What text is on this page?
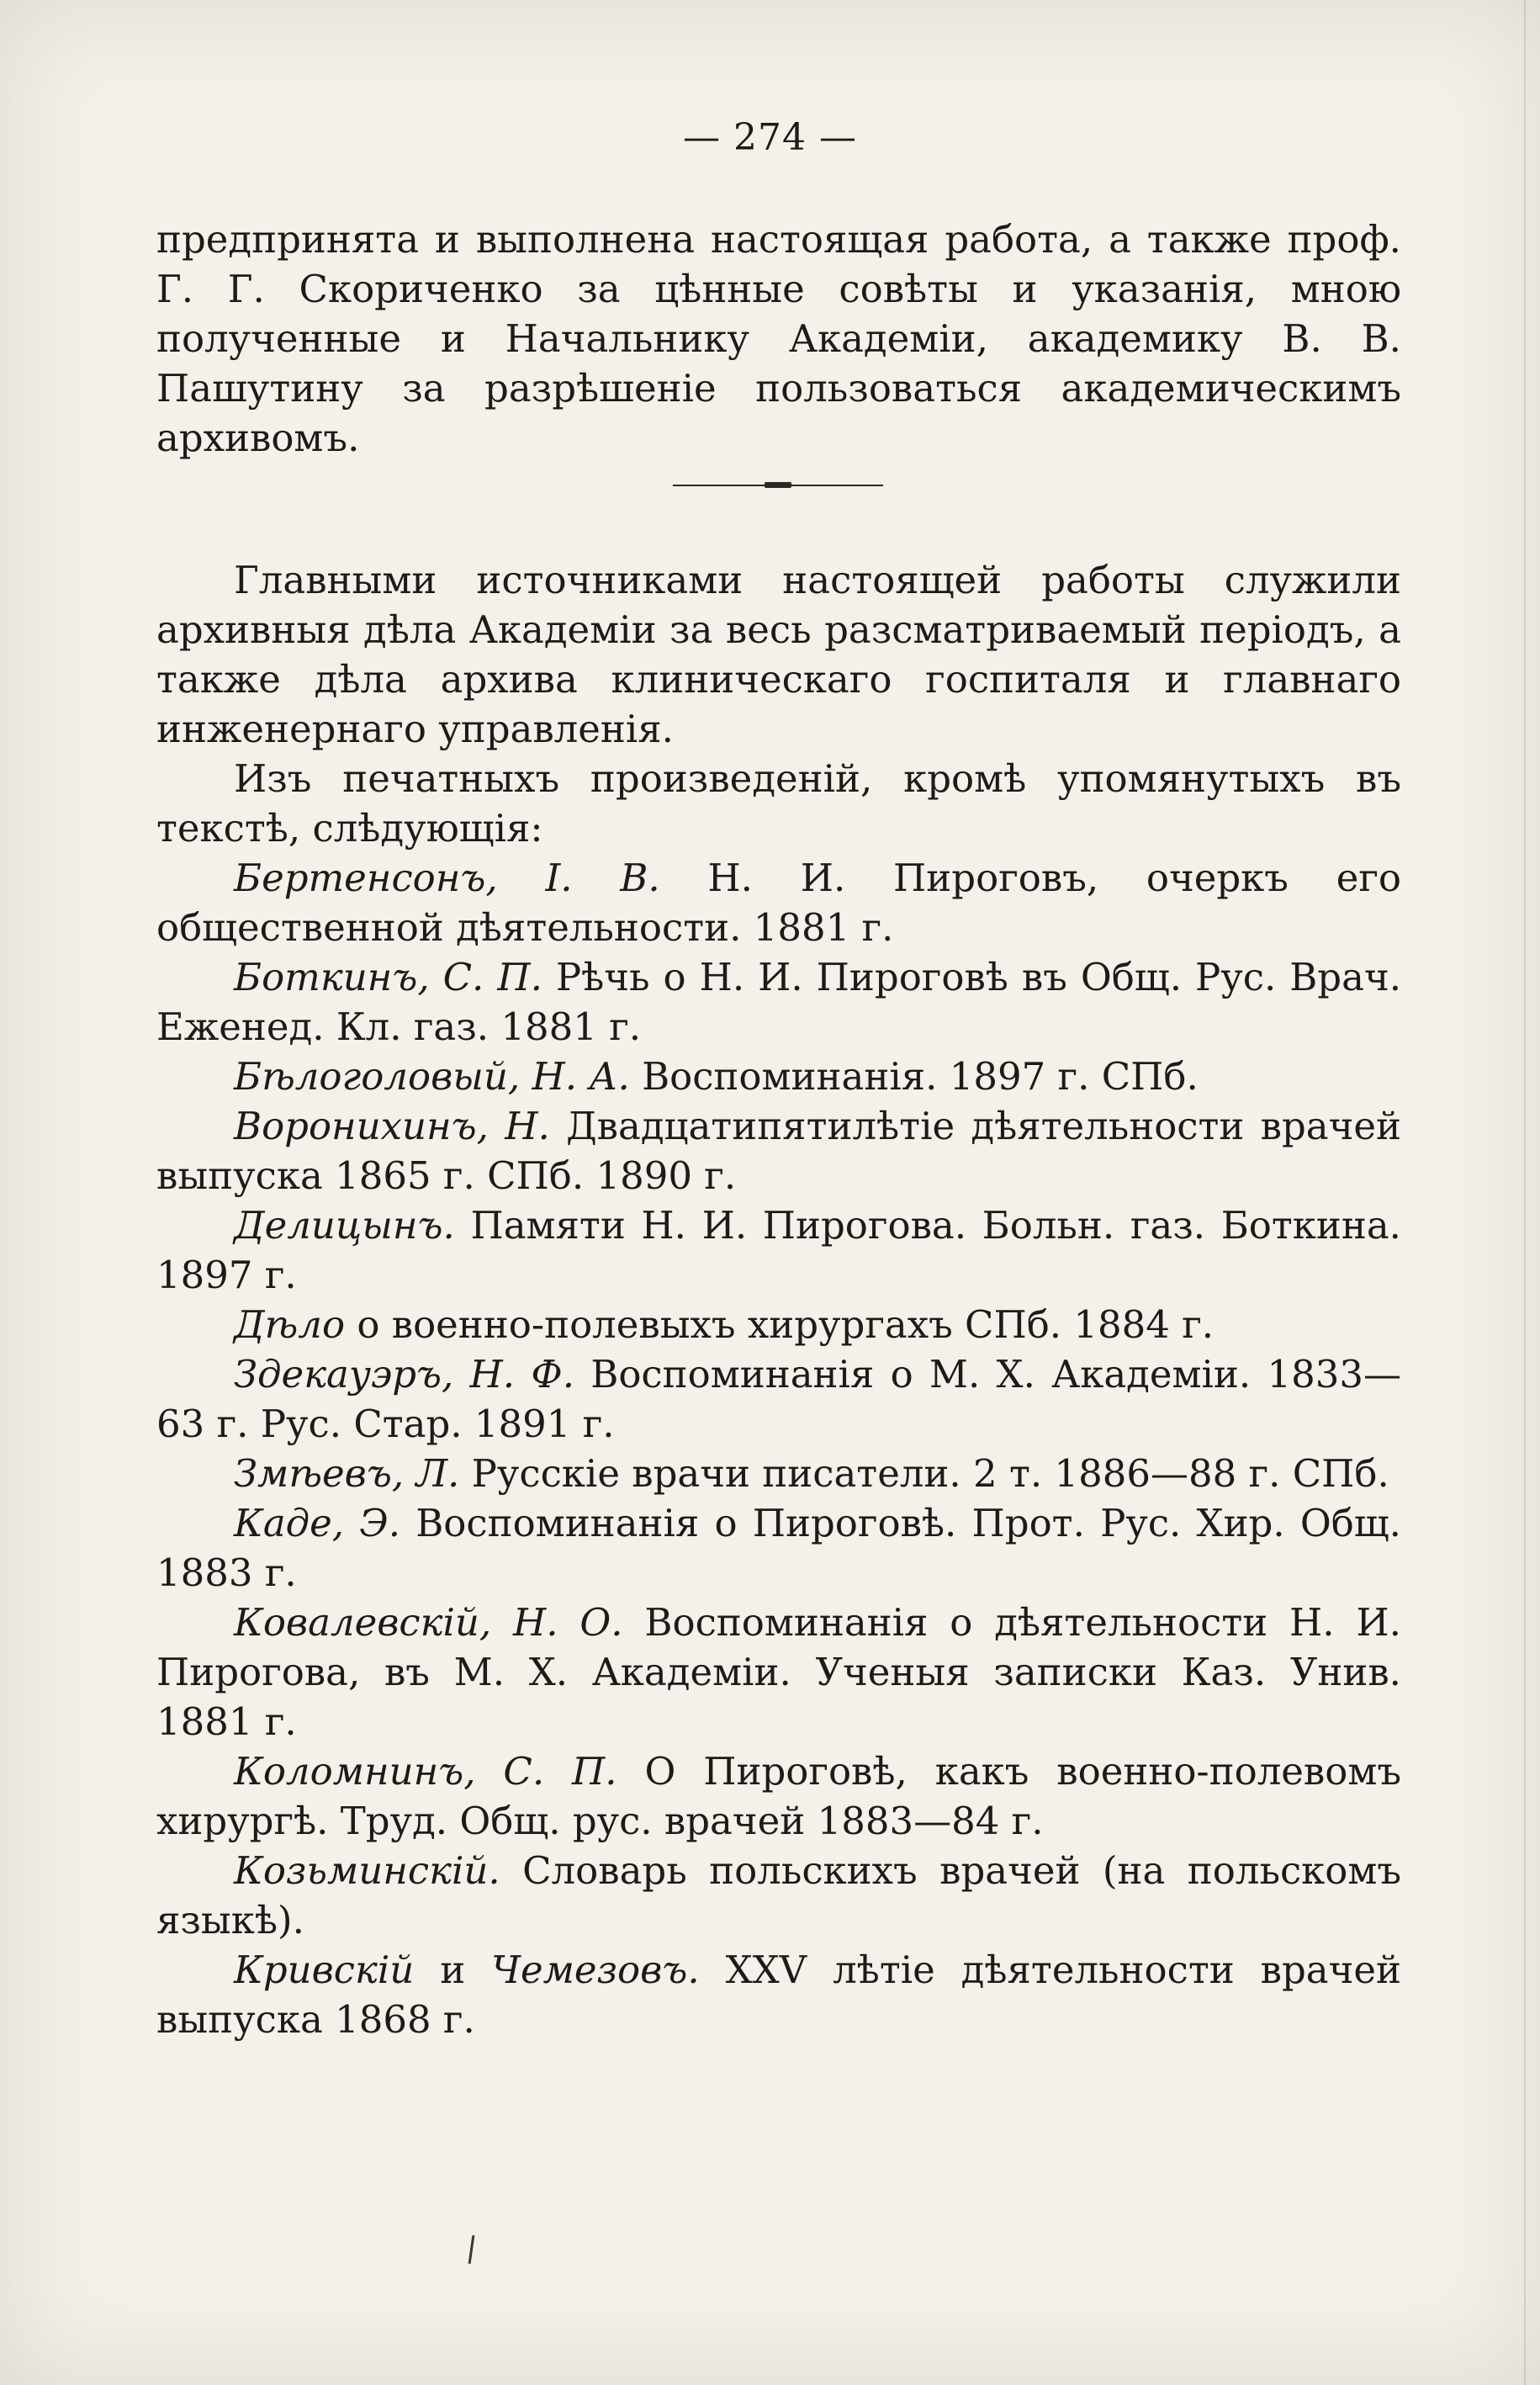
— 274 —

предпринята и выполнена настоящая работа, а также проф. Г. Г. Скориченко за цѣнные совѣты и указанія, мною полученные и Начальнику Академіи, академику В. В. Пашутину за разрѣшеніе пользоваться академическимъ архивомъ.

Главными источниками настоящей работы служили архивныя дѣла Академіи за весь разсматриваемый періодъ, а также дѣла архива клиническаго госпиталя и главнаго инженернаго управленія.

Изъ печатныхъ произведеній, кромѣ упомянутыхъ въ текстѣ, слѣдующія:

Бертенсонъ, І. В. Н. И. Пироговъ, очеркъ его общественной дѣятельности. 1881 г.

Боткинъ, С. П. Рѣчь о Н. И. Пироговѣ въ Общ. Рус. Врач. Еженед. Кл. газ. 1881 г.

Бѣлоголовый, Н. А. Воспоминанія. 1897 г. СПб.

Воронихинъ, Н. Двадцатипятилѣтіе дѣятельности врачей выпуска 1865 г. СПб. 1890 г.

Делицынъ. Памяти Н. И. Пирогова. Больн. газ. Боткина. 1897 г.

Дѣло о военно-полевыхъ хирургахъ СПб. 1884 г.

Здекауэръ, Н. Ф. Воспоминанія о М. Х. Академіи. 1833—63 г. Рус. Стар. 1891 г.

Змѣевъ, Л. Русскіе врачи писатели. 2 т. 1886—88 г. СПб.

Каде, Э. Воспоминанія о Пироговѣ. Прот. Рус. Хир. Общ. 1883 г.

Ковалевскій, Н. О. Воспоминанія о дѣятельности Н. И. Пирогова, въ М. Х. Академіи. Ученыя записки Каз. Унив. 1881 г.

Коломнинъ, С. П. О Пироговѣ, какъ военно-полевомъ хирургѣ. Труд. Общ. рус. врачей 1883—84 г.

Козьминскій. Словарь польскихъ врачей (на польскомъ языкѣ).

Кривскій и Чемезовъ. XXV лѣтіе дѣятельности врачей выпуска 1868 г.
